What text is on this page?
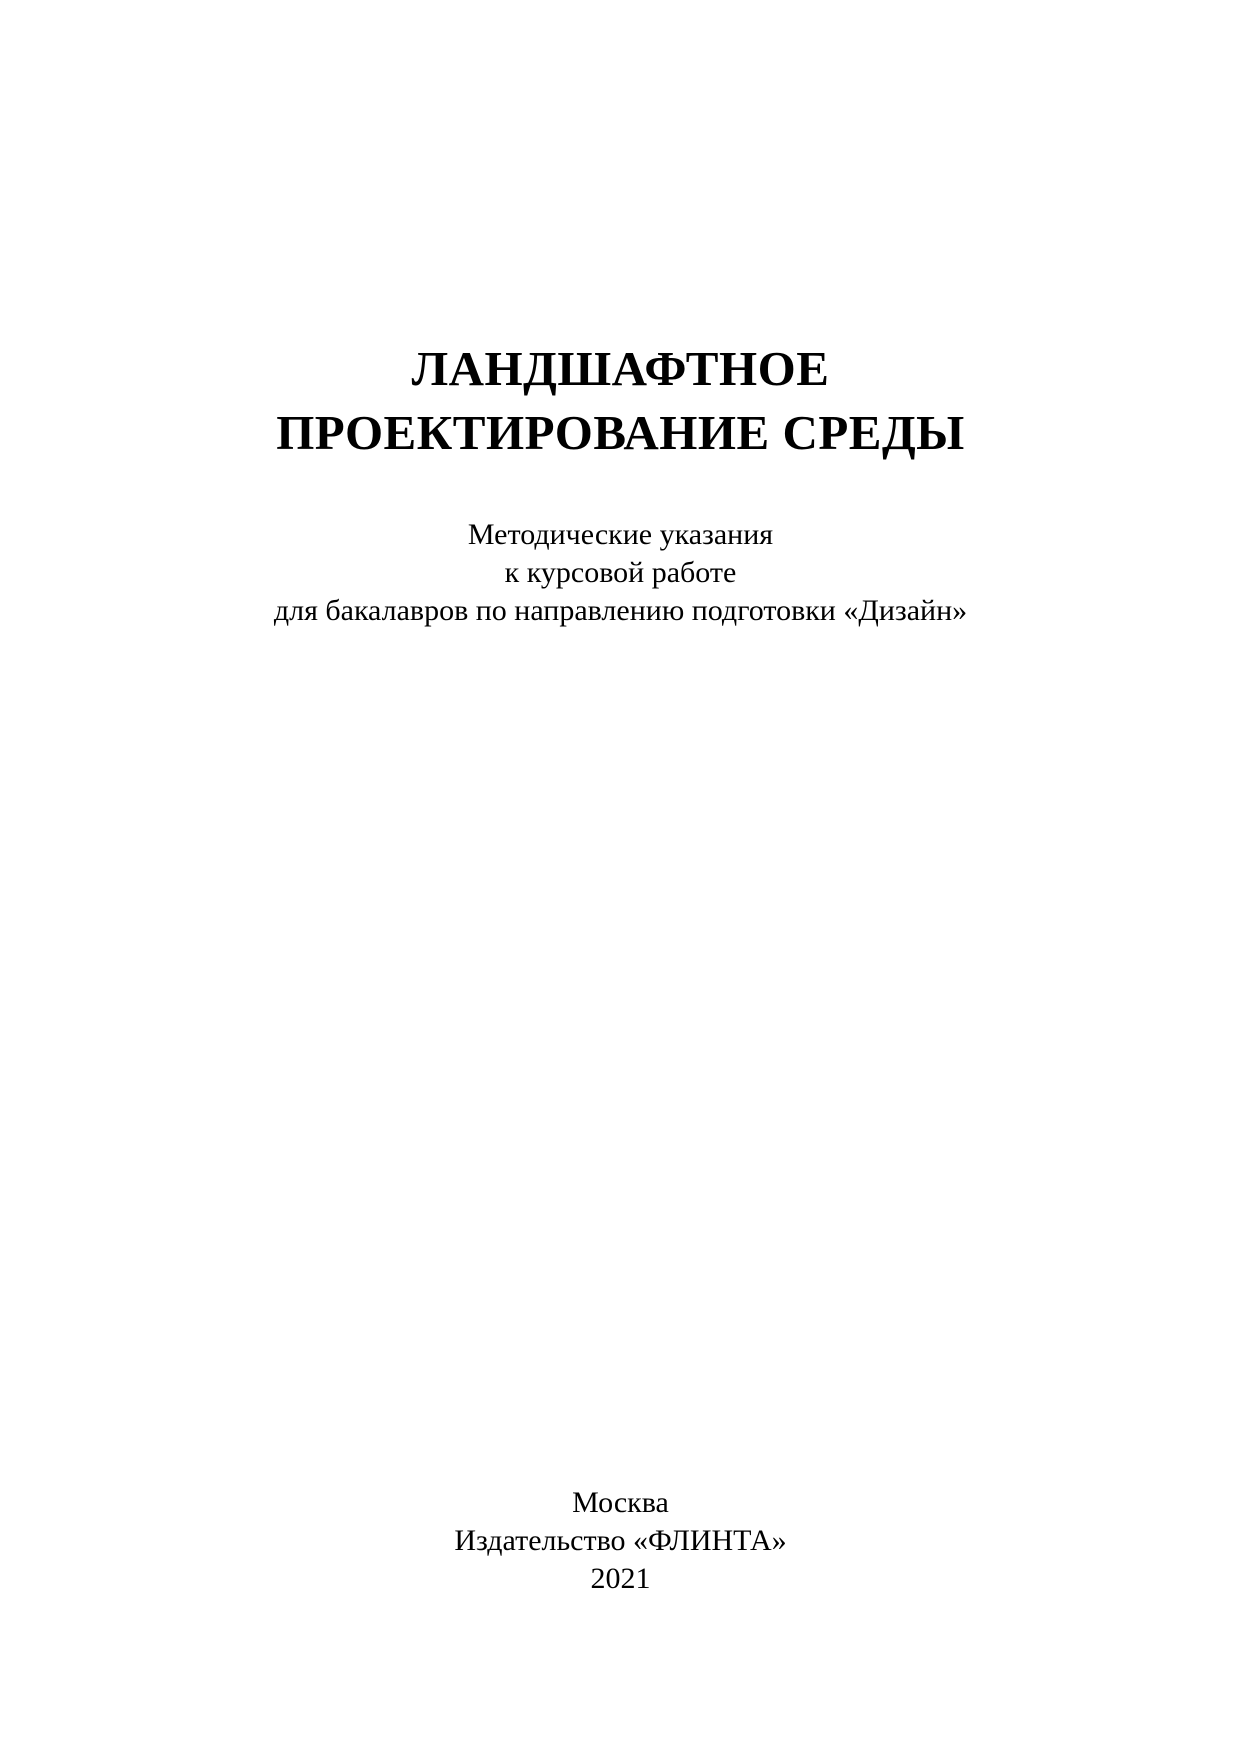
ЛАНДШАФТНОЕ
ПРОЕКТИРОВАНИЕ СРЕДЫ
Методические указания
к курсовой работе
для бакалавров по направлению подготовки «Дизайн»
Москва
Издательство «ФЛИНТА»
2021
